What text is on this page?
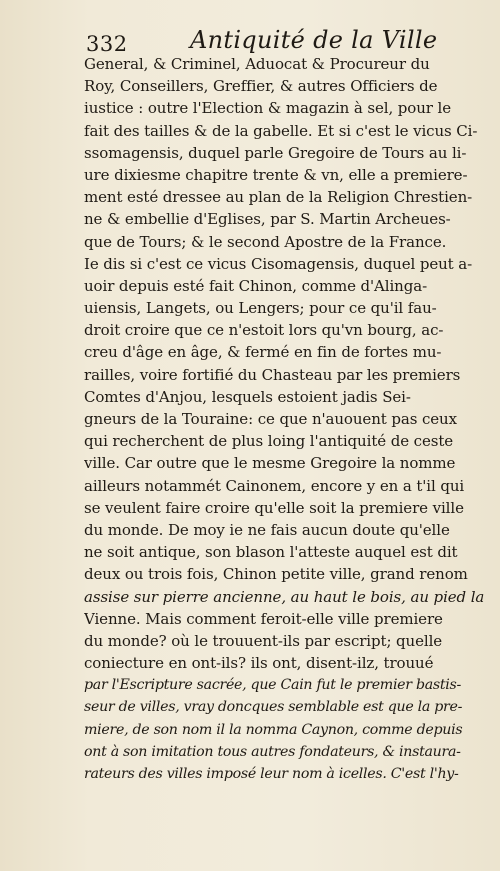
332	Antiquité de la Ville
General, & Criminel, Aduocat & Procureur du
Roy, Conseillers, Greffier, & autres Officiers de
iustice : outre l'Election & magazin à sel, pour le
fait des tailles & de la gabelle. Et si c'est le vicus Ci-
ssomagensis, duquel parle Gregoire de Tours au li-
ure dixiesme chapitre trente & vn, elle a premiere-
ment esté dressee au plan de la Religion Chrestien-
ne & embellie d'Eglises, par S. Martin Archeues-
que de Tours; & le second Apostre de la France.
Ie dis si c'est ce vicus Cisomagensis, duquel peut a-
uoir depuis esté fait Chinon, comme d'Alinga-
uiensis, Langets, ou Lengers; pour ce qu'il fau-
droit croire que ce n'estoit lors qu'vn bourg, ac-
creu d'âge en âge, & fermé en fin de fortes mu-
railles, voire fortifié du Chasteau par les premiers
Comtes d'Anjou, lesquels estoient jadis Sei-
gneurs de la Touraine: ce que n'auouent pas ceux
qui recherchent de plus loing l'antiquité de ceste
ville. Car outre que le mesme Gregoire la nomme
ailleurs notammét Cainonem, encore y en a t'il qui
se veulent faire croire qu'elle soit la premiere ville
du monde. De moy ie ne fais aucun doute qu'elle
ne soit antique, son blason l'atteste auquel est dit
deux ou trois fois, Chinon petite ville, grand renom
assise sur pierre ancienne, au haut le bois, au pied la
Vienne. Mais comment feroit-elle ville premiere
du monde? où le trouuent-ils par escript; quelle
coniecture en ont-ils? ils ont, disent-ilz, trouué
par l'Escripture sacrée, que Cain fut le premier bastis-
seur de villes, vray doncques semblable est que la pre-
miere, de son nom il la nomma Caynon, comme depuis
ont à son imitation tous autres fondateurs, & instaura-
rateurs des villes imposé leur nom à icelles. C'est l'hy-
